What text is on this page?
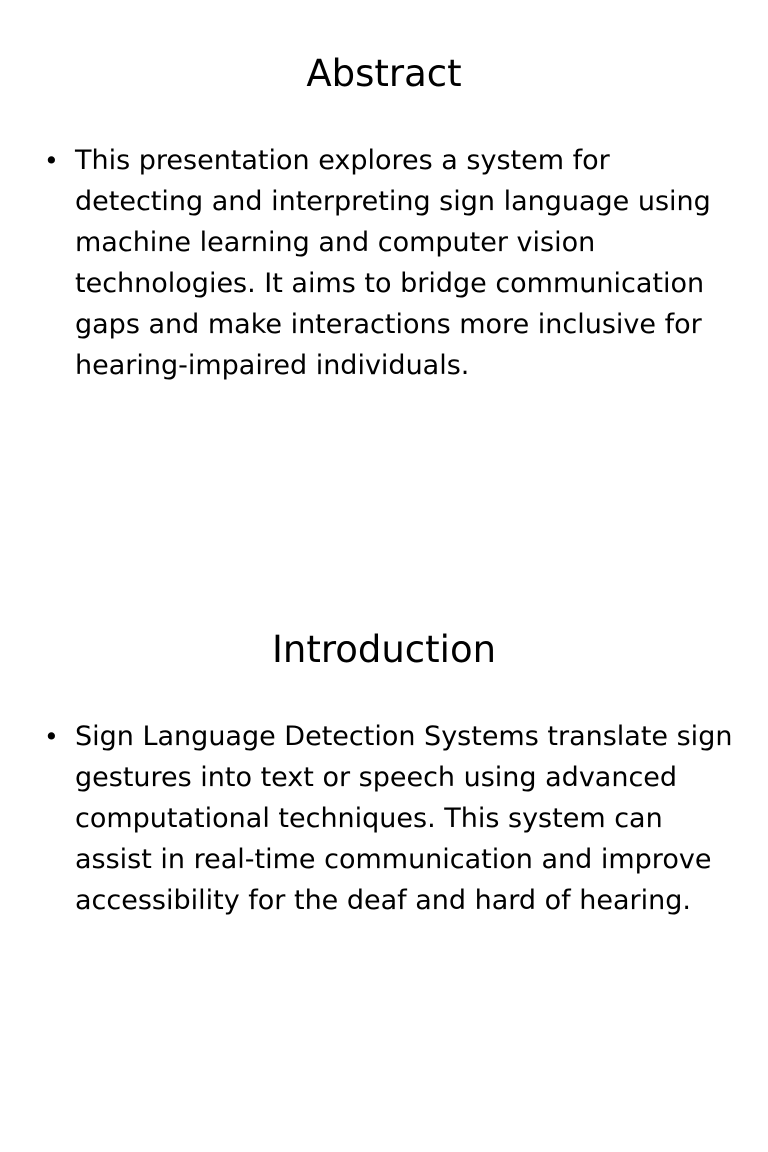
Abstract
• This presentation explores a system for detecting and interpreting sign language using machine learning and computer vision technologies. It aims to bridge communication gaps and make interactions more inclusive for hearing-impaired individuals.
Introduction
• Sign Language Detection Systems translate sign gestures into text or speech using advanced computational techniques. This system can assist in real-time communication and improve accessibility for the deaf and hard of hearing.
